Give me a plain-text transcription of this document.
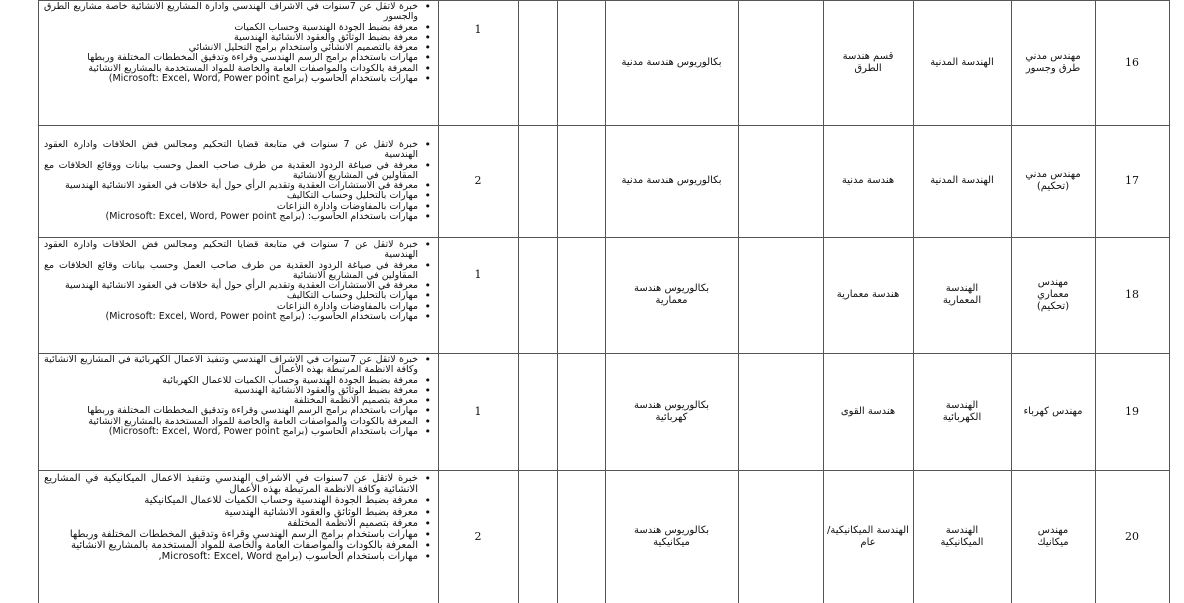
16
مهندس مدني طرق وجسور
الهندسة المدنية
قسم هندسة الطرق
بكالوريوس هندسة مدنية
1
• خبرة لاتقل عن 7سنوات في الاشراف الهندسي وادارة المشاريع الانشائية خاصة مشاريع الطرق والجسور
• معرفة بضبط الجودة الهندسية وحساب الكميات
• معرفة بضبط الوثائق والعقود الانشائية الهندسية
• معرفة بالتصميم الانشائي واستخدام برامج التحليل الانشائي
• مهارات باستخدام برامج الرسم الهندسي وقراءة وتدقيق المخططات المختلفة وربطها
• المعرفة بالكودات والمواصفات العامة والخاصة للمواد المستخدمة بالمشاريع الانشائية
• مهارات باستخدام الحاسوب (برامج Microsoft: Excel, Word, Power point)
17
مهندس مدني (تحكيم)
الهندسة المدنية
هندسة مدنية
بكالوريوس هندسة مدنية
2
• خبرة لاتقل عن 7 سنوات في متابعة قضايا التحكيم ومجالس فض الخلافات وادارة العقود الهندسية
• معرفة في صياغة الردود العقدية من طرف صاحب العمل وحسب بيانات ووقائع الخلافات مع المقاولين في المشاريع الانشائية
• معرفة في الاستشارات العقدية وتقديم الرأي حول أية خلافات في العقود الانشائية الهندسية
• مهارات بالتحليل وحساب التكاليف
• مهارات بالمفاوضات وادارة النزاعات
• مهارات باستخدام الحاسوب: (برامج Microsoft: Excel, Word, Power point)
18
مهندس معماري (تحكيم)
الهندسة المعمارية
هندسة معمارية
بكالوريوس هندسة معمارية
1
• خبرة لاتقل عن 7 سنوات في متابعة قضايا التحكيم ومجالس فض الخلافات وادارة العقود الهندسية
• معرفة في صياغة الردود العقدية من طرف صاحب العمل وحسب بيانات وقائع الخلافات مع المقاولين في المشاريع الانشائية
• معرفة في الاستشارات العقدية وتقديم الرأي حول أية خلافات في العقود الانشائية الهندسية
• مهارات بالتحليل وحساب التكاليف
• مهارات بالمفاوضات وادارة النزاعات
• مهارات باستخدام الحاسوب: (برامج Microsoft: Excel, Word, Power point)
19
مهندس كهرباء
الهندسة الكهربائية
هندسة القوى
بكالوريوس هندسة كهربائية
1
• خبرة لاتقل عن 7سنوات في الاشراف الهندسي وتنفيذ الاعمال الكهربائية في المشاريع الانشائية وكافة الانظمة المرتبطة بهذه الأعمال
• معرفة بضبط الجودة الهندسية وحساب الكميات للاعمال الكهربائية
• معرفة بضبط الوثائق والعقود الانشائية الهندسية
• معرفة بتصميم الانظمة المختلفة
• مهارات باستخدام برامج الرسم الهندسي وقراءة وتدقيق المخططات المختلفة وربطها
• المعرفة بالكودات والمواصفات العامة والخاصة للمواد المستخدمة بالمشاريع الانشائية
• مهارات باستخدام الحاسوب (برامج Microsoft: Excel, Word, Power point)
20
مهندس ميكانيك
الهندسة الميكانيكية
الهندسة الميكانيكية/عام
بكالوريوس هندسة ميكانيكية
2
• خبرة لاتقل عن 7سنوات في الاشراف الهندسي وتنفيذ الاعمال الميكانيكية في المشاريع الانشائية وكافة الانظمة المرتبطة بهذه الأعمال
• معرفة بضبط الجودة الهندسية وحساب الكميات للاعمال الميكانيكية
• معرفة بضبط الوثائق والعقود الانشائية الهندسية
• معرفة بتصميم الانظمة المختلفة
• مهارات باستخدام برامج الرسم الهندسي وقراءة وتدقيق المخططات المختلفة وربطها
• المعرفة بالكودات والمواصفات العامة والخاصة للمواد المستخدمة بالمشاريع الانشائية
• مهارات باستخدام الحاسوب (برامج Microsoft: Excel, Word,
